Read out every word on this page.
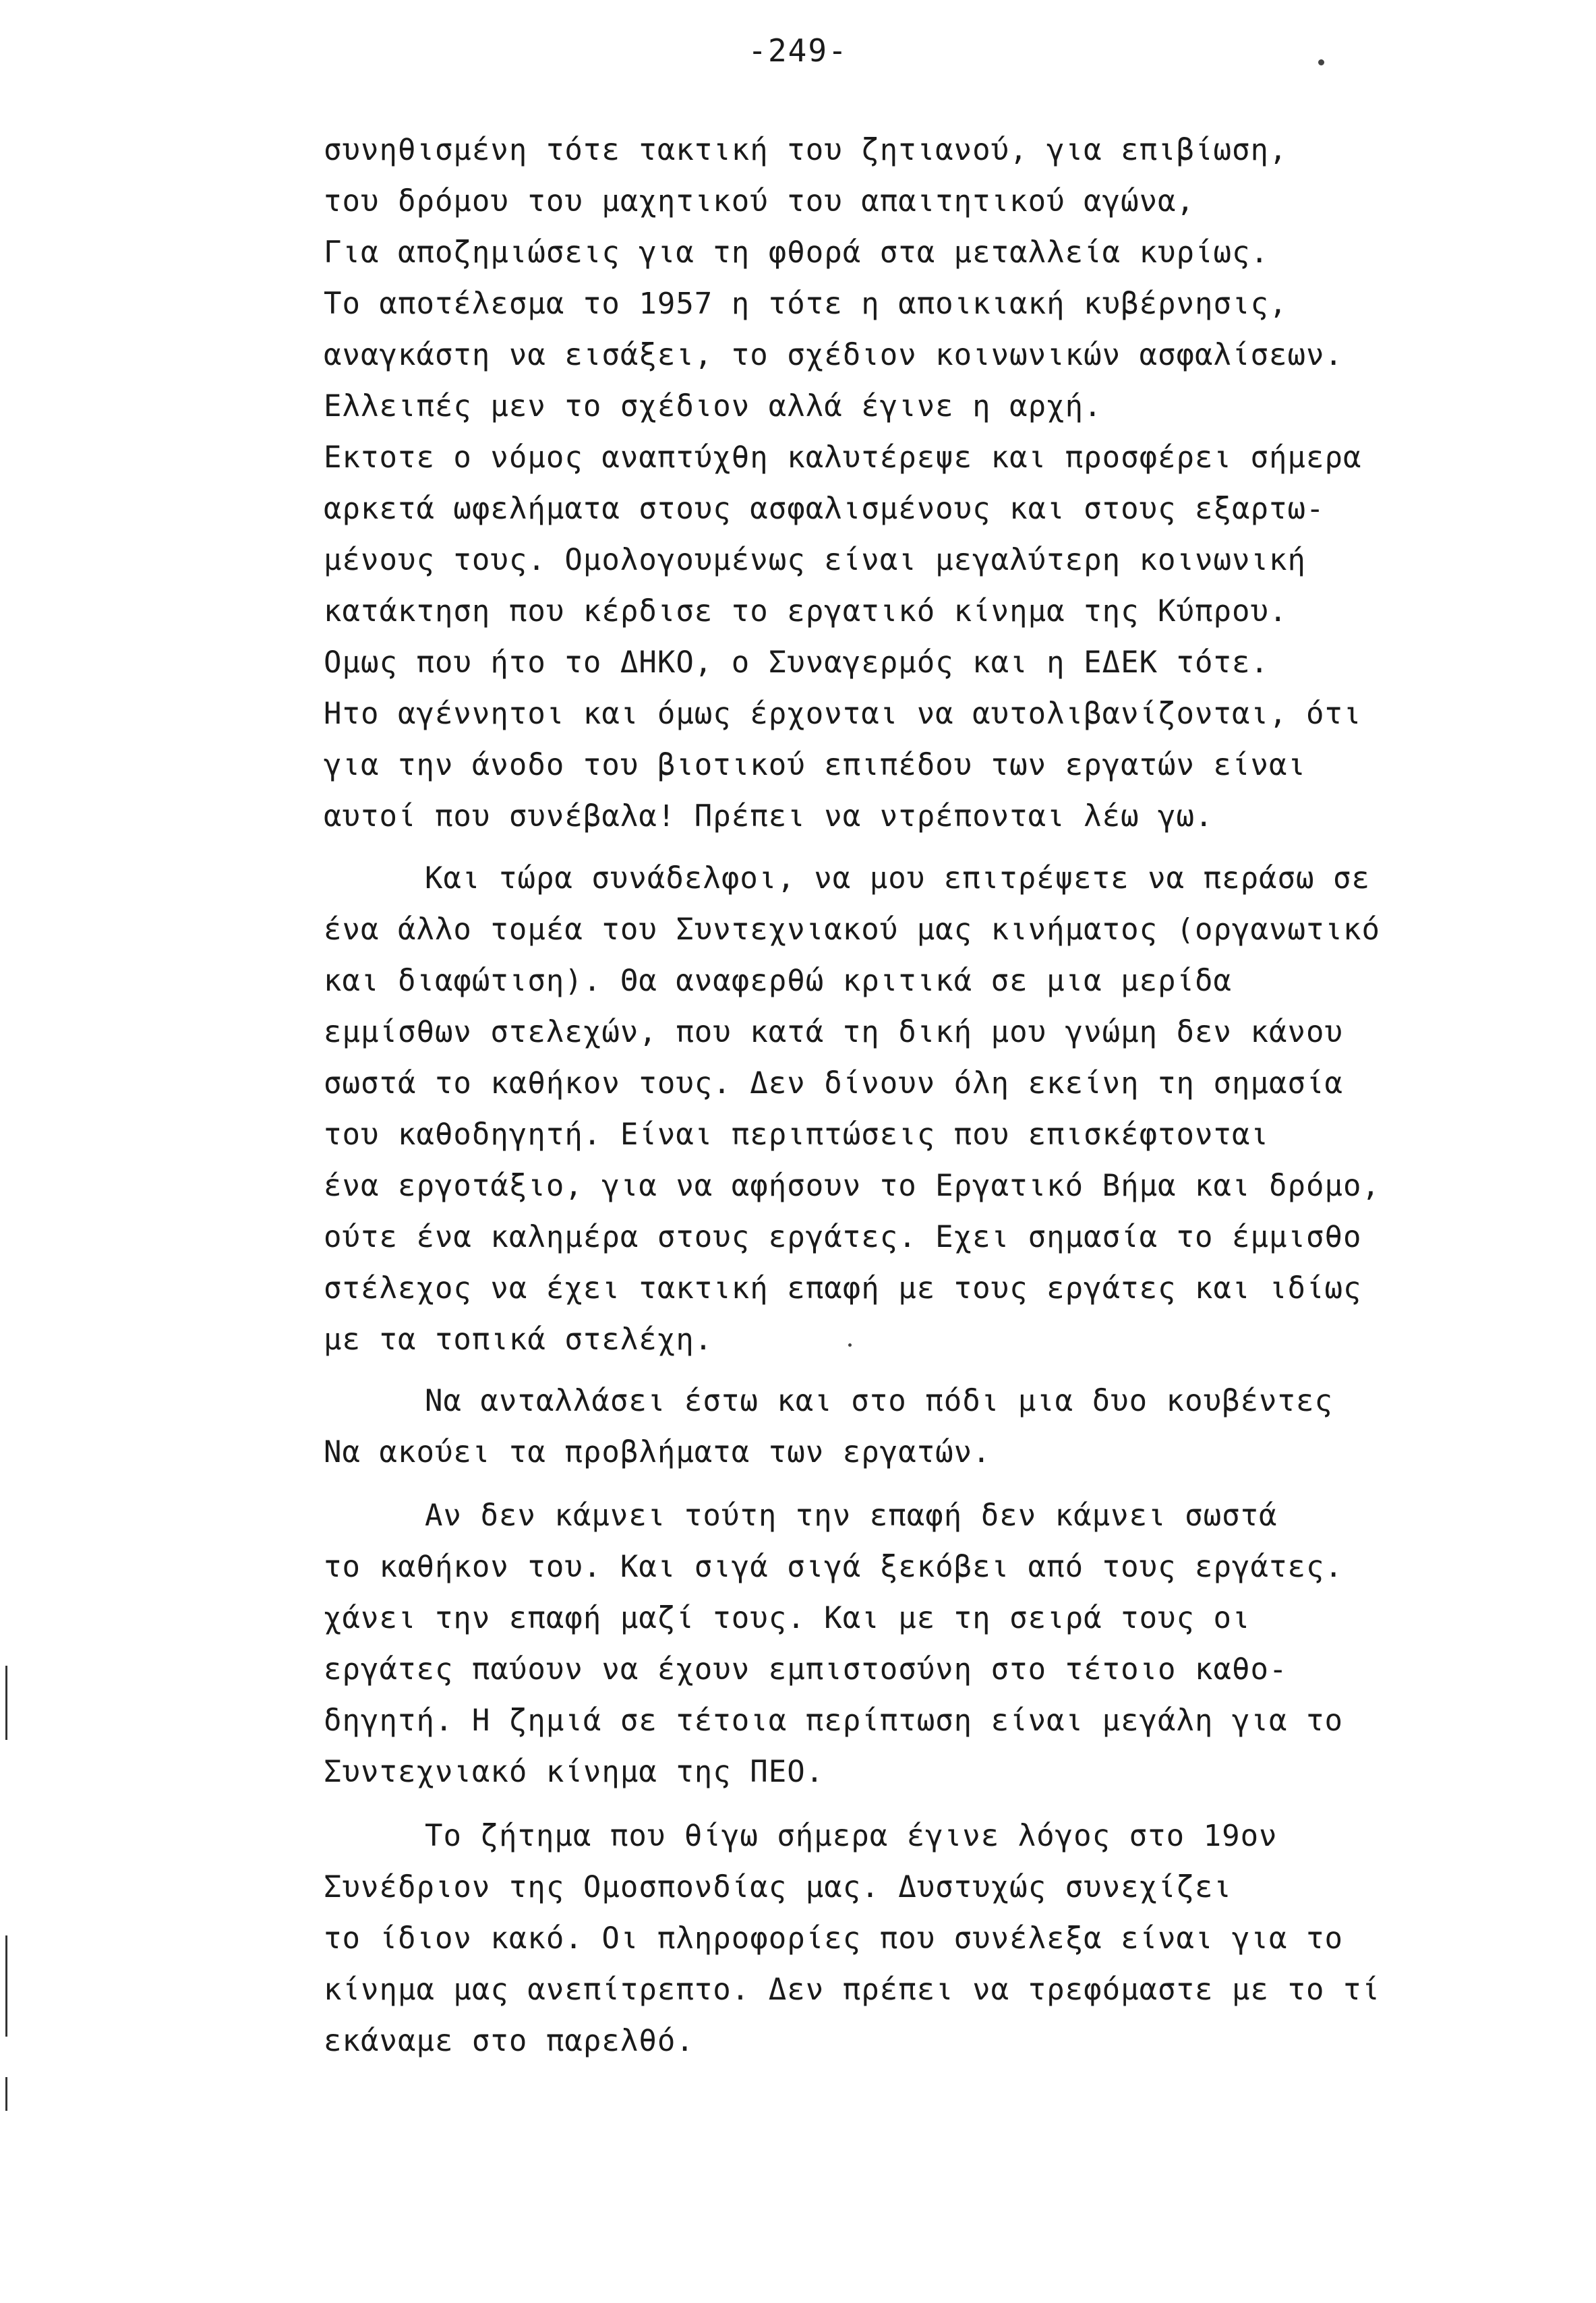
-249-
συνηθισμένη τότε τακτική του ζητιανού, για επιβίωση,
του δρόμου του μαχητικού του απαιτητικού αγώνα,
Για αποζημιώσεις για τη φθορά στα μεταλλεία κυρίως.
Το αποτέλεσμα το 1957 η τότε η αποικιακή κυβέρνησις,
αναγκάστη να εισάξει, το σχέδιον κοινωνικών ασφαλίσεων.
Ελλειπές μεν το σχέδιον αλλά έγινε η αρχή.
Εκτοτε ο νόμος αναπτύχθη καλυτέρεψε και προσφέρει σήμερα
αρκετά ωφελήματα στους ασφαλισμένους και στους εξαρτω-
μένους τους. Ομολογουμένως είναι μεγαλύτερη κοινωνική
κατάκτηση που κέρδισε το εργατικό κίνημα της Κύπρου.
Ομως που ήτο το ΔΗΚΟ, ο Συναγερμός και η ΕΔΕΚ τότε.
Ητο αγέννητοι και όμως έρχονται να αυτολιβανίζονται, ότι
για την άνοδο του βιοτικού επιπέδου των εργατών είναι
αυτοί που συνέβαλα! Πρέπει να ντρέπονται λέω γω.
Και τώρα συνάδελφοι, να μου επιτρέψετε να περάσω σε
ένα άλλο τομέα του Συντεχνιακού μας κινήματος (οργανωτικό
και διαφώτιση). Θα αναφερθώ κριτικά σε μια μερίδα
εμμίσθων στελεχών, που κατά τη δική μου γνώμη δεν κάνου
σωστά το καθήκον τους. Δεν δίνουν όλη εκείνη τη σημασία
του καθοδηγητή. Είναι περιπτώσεις που επισκέφτονται
ένα εργοτάξιο, για να αφήσουν το Εργατικό Βήμα και δρόμο,
ούτε ένα καλημέρα στους εργάτες. Εχει σημασία το έμμισθο
στέλεχος να έχει τακτική επαφή με τους εργάτες και ιδίως
με τα τοπικά στελέχη.
Να ανταλλάσει έστω και στο πόδι μια δυο κουβέντες
Να ακούει τα προβλήματα των εργατών.
Αν δεν κάμνει τούτη την επαφή δεν κάμνει σωστά
το καθήκον του. Και σιγά σιγά ξεκόβει από τους εργάτες.
χάνει την επαφή μαζί τους. Και με τη σειρά τους οι
εργάτες παύουν να έχουν εμπιστοσύνη στο τέτοιο καθο-
δηγητή. Η ζημιά σε τέτοια περίπτωση είναι μεγάλη για το
Συντεχνιακό κίνημα της ΠΕΟ.
Το ζήτημα που θίγω σήμερα έγινε λόγος στο 19ον
Συνέδριον της Ομοσπονδίας μας. Δυστυχώς συνεχίζει
το ίδιον κακό. Οι πληροφορίες που συνέλεξα είναι για το
κίνημα μας ανεπίτρεπτο. Δεν πρέπει να τρεφόμαστε με το τί
εκάναμε στο παρελθό.
